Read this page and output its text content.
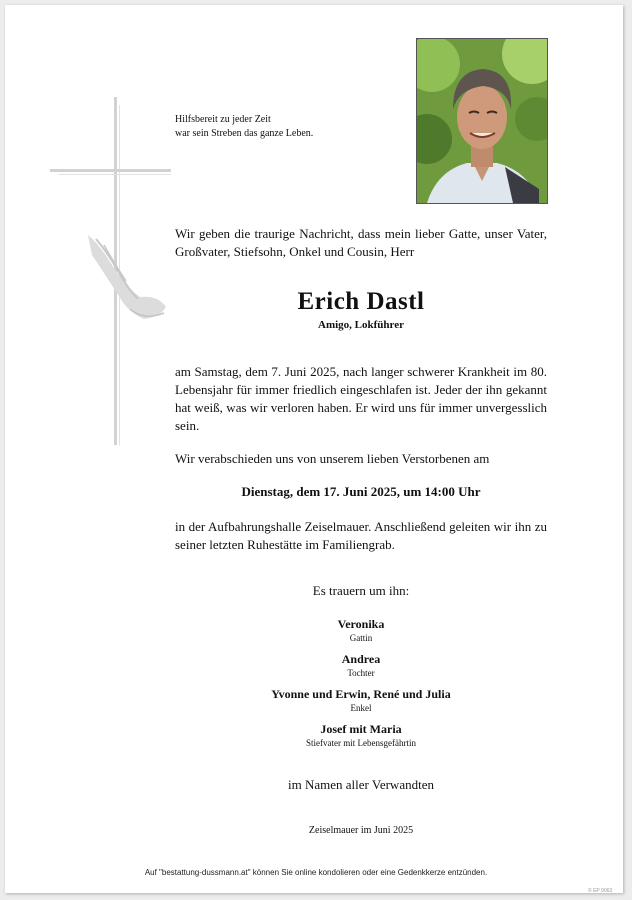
Hilfsbereit zu jeder Zeit
war sein Streben das ganze Leben.
Wir geben die traurige Nachricht, dass mein lieber Gatte, unser Vater, Großvater, Stiefsohn, Onkel und Cousin, Herr
Erich Dastl
Amigo, Lokführer
am Samstag, dem 7. Juni 2025, nach langer schwerer Krankheit im 80. Lebensjahr für immer friedlich eingeschlafen ist. Jeder der ihn gekannt hat weiß, was wir verloren haben. Er wird uns für immer unvergesslich sein.
Wir verabschieden uns von unserem lieben Verstorbenen am
Dienstag, dem 17. Juni 2025, um 14:00 Uhr
in der Aufbahrungshalle Zeiselmauer. Anschließend geleiten wir ihn zu seiner letzten Ruhestätte im Familiengrab.
Es trauern um ihn:
Veronika
Gattin
Andrea
Tochter
Yvonne und Erwin, René und Julia
Enkel
Josef mit Maria
Stiefvater mit Lebensgefährtin
im Namen aller Verwandten
Zeiselmauer im Juni 2025
Auf "bestattung-dussmann.at" können Sie online kondolieren oder eine Gedenkkerze entzünden.
© EP 9063
